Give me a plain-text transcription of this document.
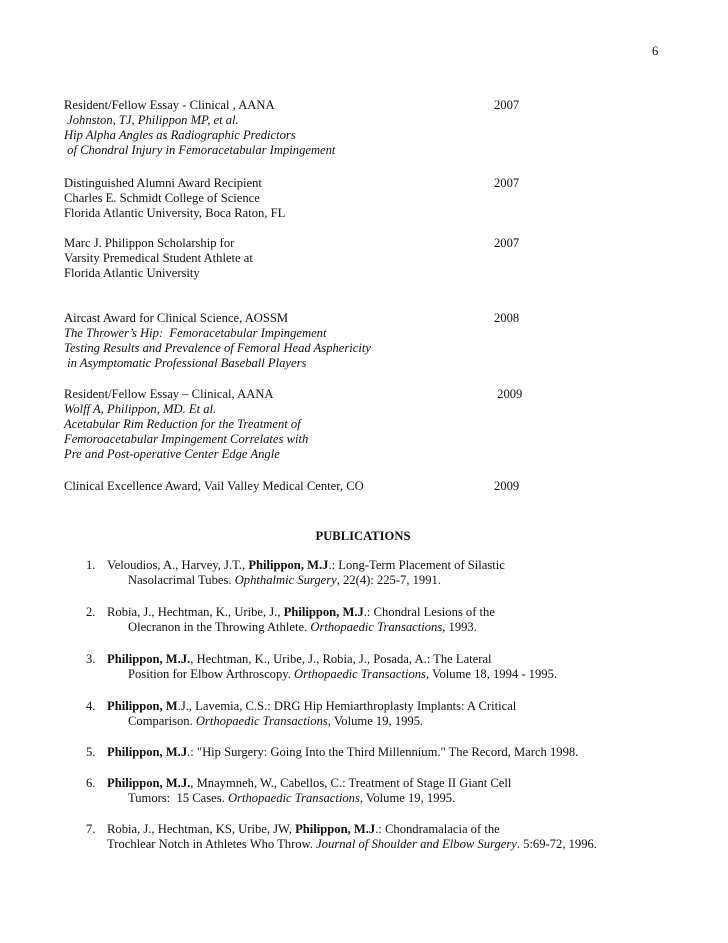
6
Resident/Fellow Essay - Clinical , AANA
Johnston, TJ, Philippon MP, et al.
Hip Alpha Angles as Radiographic Predictors
of Chondral Injury in Femoracetabular Impingement
2007
Distinguished Alumni Award Recipient
Charles E. Schmidt College of Science
Florida Atlantic University, Boca Raton, FL
2007
Marc J. Philippon Scholarship for
Varsity Premedical Student Athlete at
Florida Atlantic University
2007
Aircast Award for Clinical Science, AOSSM
The Thrower’s Hip:  Femoracetabular Impingement
Testing Results and Prevalence of Femoral Head Asphericity
in Asymptomatic Professional Baseball Players
2008
Resident/Fellow Essay – Clinical, AANA
Wolff A, Philippon, MD. Et al.
Acetabular Rim Reduction for the Treatment of
Femoroacetabular Impingement Correlates with
Pre and Post-operative Center Edge Angle
2009
Clinical Excellence Award, Vail Valley Medical Center, CO	2009
PUBLICATIONS
1. Veloudios, A., Harvey, J.T., Philippon, M.J.: Long-Term Placement of Silastic
Nasolacrimal Tubes. Ophthalmic Surgery, 22(4): 225-7, 1991.
2. Robia, J., Hechtman, K., Uribe, J., Philippon, M.J.: Chondral Lesions of the
Olecranon in the Throwing Athlete. Orthopaedic Transactions, 1993.
3. Philippon, M.J., Hechtman, K., Uribe, J., Robia, J., Posada, A.: The Lateral
Position for Elbow Arthroscopy. Orthopaedic Transactions, Volume 18, 1994 - 1995.
4. Philippon, M.J., Lavemia, C.S.: DRG Hip Hemiarthroplasty Implants: A Critical
Comparison. Orthopaedic Transactions, Volume 19, 1995.
5. Philippon, M.J.: "Hip Surgery: Going Into the Third Millennium." The Record, March 1998.
6. Philippon, M.J., Mnaymneh, W., Cabellos, C.: Treatment of Stage II Giant Cell
Tumors:  15 Cases. Orthopaedic Transactions, Volume 19, 1995.
7. Robia, J., Hechtman, KS, Uribe, JW, Philippon, M.J.: Chondramalacia of the
Trochlear Notch in Athletes Who Throw. Journal of Shoulder and Elbow Surgery. 5:69-72, 1996.
